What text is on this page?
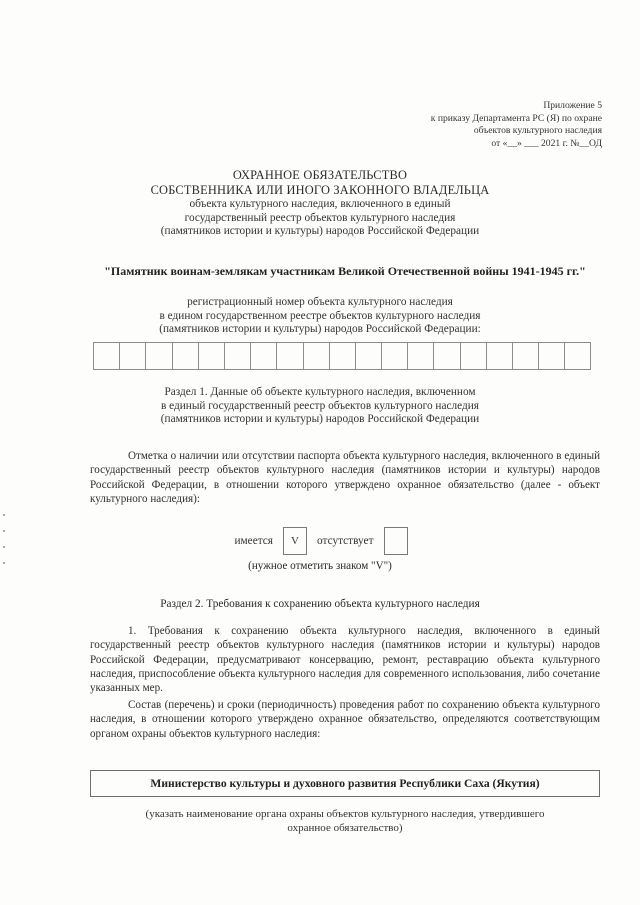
Приложение 5
к приказу Департамента РС (Я) по охране
объектов культурного наследия
от «__» ___ 2021 г. №__ОД
ОХРАННОЕ ОБЯЗАТЕЛЬСТВО
СОБСТВЕННИКА ИЛИ ИНОГО ЗАКОННОГО ВЛАДЕЛЬЦА
объекта культурного наследия, включенного в единый
государственный реестр объектов культурного наследия
(памятников истории и культуры) народов Российской Федерации
"Памятник воинам-землякам участникам Великой Отечественной войны 1941-1945 гг."
регистрационный номер объекта культурного наследия
в едином государственном реестре объектов культурного наследия
(памятников истории и культуры) народов Российской Федерации:
Раздел 1. Данные об объекте культурного наследия, включенном
в единый государственный реестр объектов культурного наследия
(памятников истории и культуры) народов Российской Федерации
Отметка о наличии или отсутствии паспорта объекта культурного наследия, включенного в единый государственный реестр объектов культурного наследия (памятников истории и культуры) народов Российской Федерации, в отношении которого утверждено охранное обязательство (далее - объект культурного наследия):
имеется	V	отсутствует
(нужное отметить знаком "V")
Раздел 2. Требования к сохранению объекта культурного наследия
1. Требования к сохранению объекта культурного наследия, включенного в единый государственный реестр объектов культурного наследия (памятников истории и культуры) народов Российской Федерации, предусматривают консервацию, ремонт, реставрацию объекта культурного наследия, приспособление объекта культурного наследия для современного использования, либо сочетание указанных мер.
Состав (перечень) и сроки (периодичность) проведения работ по сохранению объекта культурного наследия, в отношении которого утверждено охранное обязательство, определяются соответствующим органом охраны объектов культурного наследия:
Министерство культуры и духовного развития Республики Саха (Якутия)
(указать наименование органа охраны объектов культурного наследия, утвердившего
охранное обязательство)
